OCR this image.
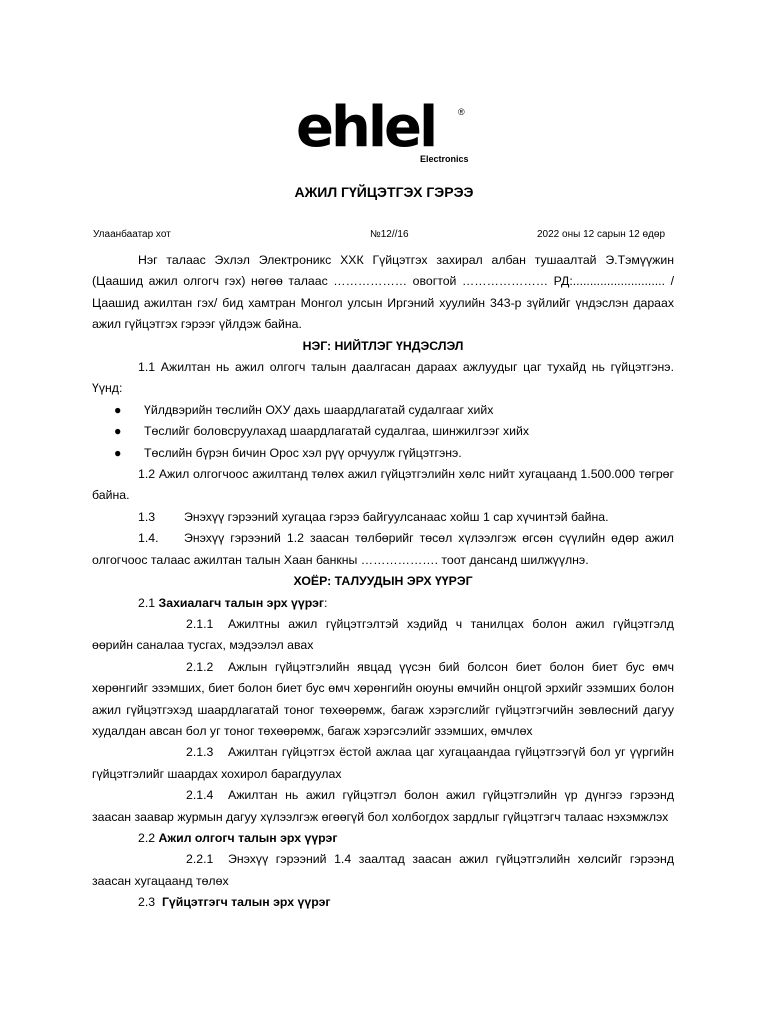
ehlel	®
Electronics
АЖИЛ ГҮЙЦЭТГЭХ ГЭРЭЭ
Улаанбаатар хот	№12//16	2022 оны 12 сарын 12 өдөр

Нэг талаас Эхлэл Электроникс ХХК Гүйцэтгэх захирал албан тушаалтай Э.Тэмүүжин (Цаашид ажил олгогч гэх) нөгөө талаас ……………… овогтой ………………… РД:........................... /Цаашид ажилтан гэх/ бид хамтран Монгол улсын Иргэний хуулийн 343-р зүйлийг үндэслэн дараах ажил гүйцэтгэх гэрээг үйлдэж байна.

НЭГ: НИЙТЛЭГ ҮНДЭСЛЭЛ

1.1 Ажилтан нь ажил олгогч талын даалгасан дараах ажлуудыг цаг тухайд нь гүйцэтгэнэ. Үүнд:

● Үйлдвэрийн төслийн ОХУ дахь шаардлагатай судалгааг хийх

● Төслийг боловсруулахад шаардлагатай судалгаа, шинжилгээг хийх

● Төслийн бүрэн бичин Орос хэл рүү орчуулж гүйцэтгэнэ.

1.2 Ажил олгогчоос ажилтанд төлөх ажил гүйцэтгэлийн хөлс нийт хугацаанд 1.500.000 төгрөг байна.

1.3 Энэхүү гэрээний хугацаа гэрээ байгуулсанаас хойш 1 сар хүчинтэй байна.

1.4. Энэхүү гэрээний 1.2 заасан төлбөрийг төсөл хүлээлгэж өгсөн сүүлийн өдөр ажил олгогчоос талаас ажилтан талын Хаан банкны ………………. тоот дансанд шилжүүлнэ.

ХОЁР: ТАЛУУДЫН ЭРХ ҮҮРЭГ

2.1 Захиалагч талын эрх үүрэг:

2.1.1 Ажилтны ажил гүйцэтгэлтэй хэдийд ч танилцах болон ажил гүйцэтгэлд өөрийн саналаа тусгах, мэдээлэл авах

2.1.2 Ажлын гүйцэтгэлийн явцад үүсэн бий болсон биет болон биет бус өмч хөрөнгийг эзэмших, биет болон биет бус өмч хөрөнгийн оюуны өмчийн онцгой эрхийг эзэмших болон ажил гүйцэтгэхэд шаардлагатай тоног төхөөрөмж, багаж хэрэгслийг гүйцэтгэгчийн зөвлөсний дагуу худалдан авсан бол уг тоног төхөөрөмж, багаж хэрэгсэлийг эзэмших, өмчлөх

2.1.3 Ажилтан гүйцэтгэх ёстой ажлаа цаг хугацаандаа гүйцэтгээгүй бол уг үүргийн гүйцэтгэлийг шаардах хохирол барагдуулах

2.1.4 Ажилтан нь ажил гүйцэтгэл болон ажил гүйцэтгэлийн үр дүнгээ гэрээнд заасан заавар журмын дагуу хүлээлгэж өгөөгүй бол холбогдох зардлыг гүйцэтгэгч талаас нэхэмжлэх

2.2 Ажил олгогч талын эрх үүрэг

2.2.1 Энэхүү гэрээний 1.4 заалтад заасан ажил гүйцэтгэлийн хөлсийг гэрээнд заасан хугацаанд төлөх

2.3 Гүйцэтгэгч талын эрх үүрэг
